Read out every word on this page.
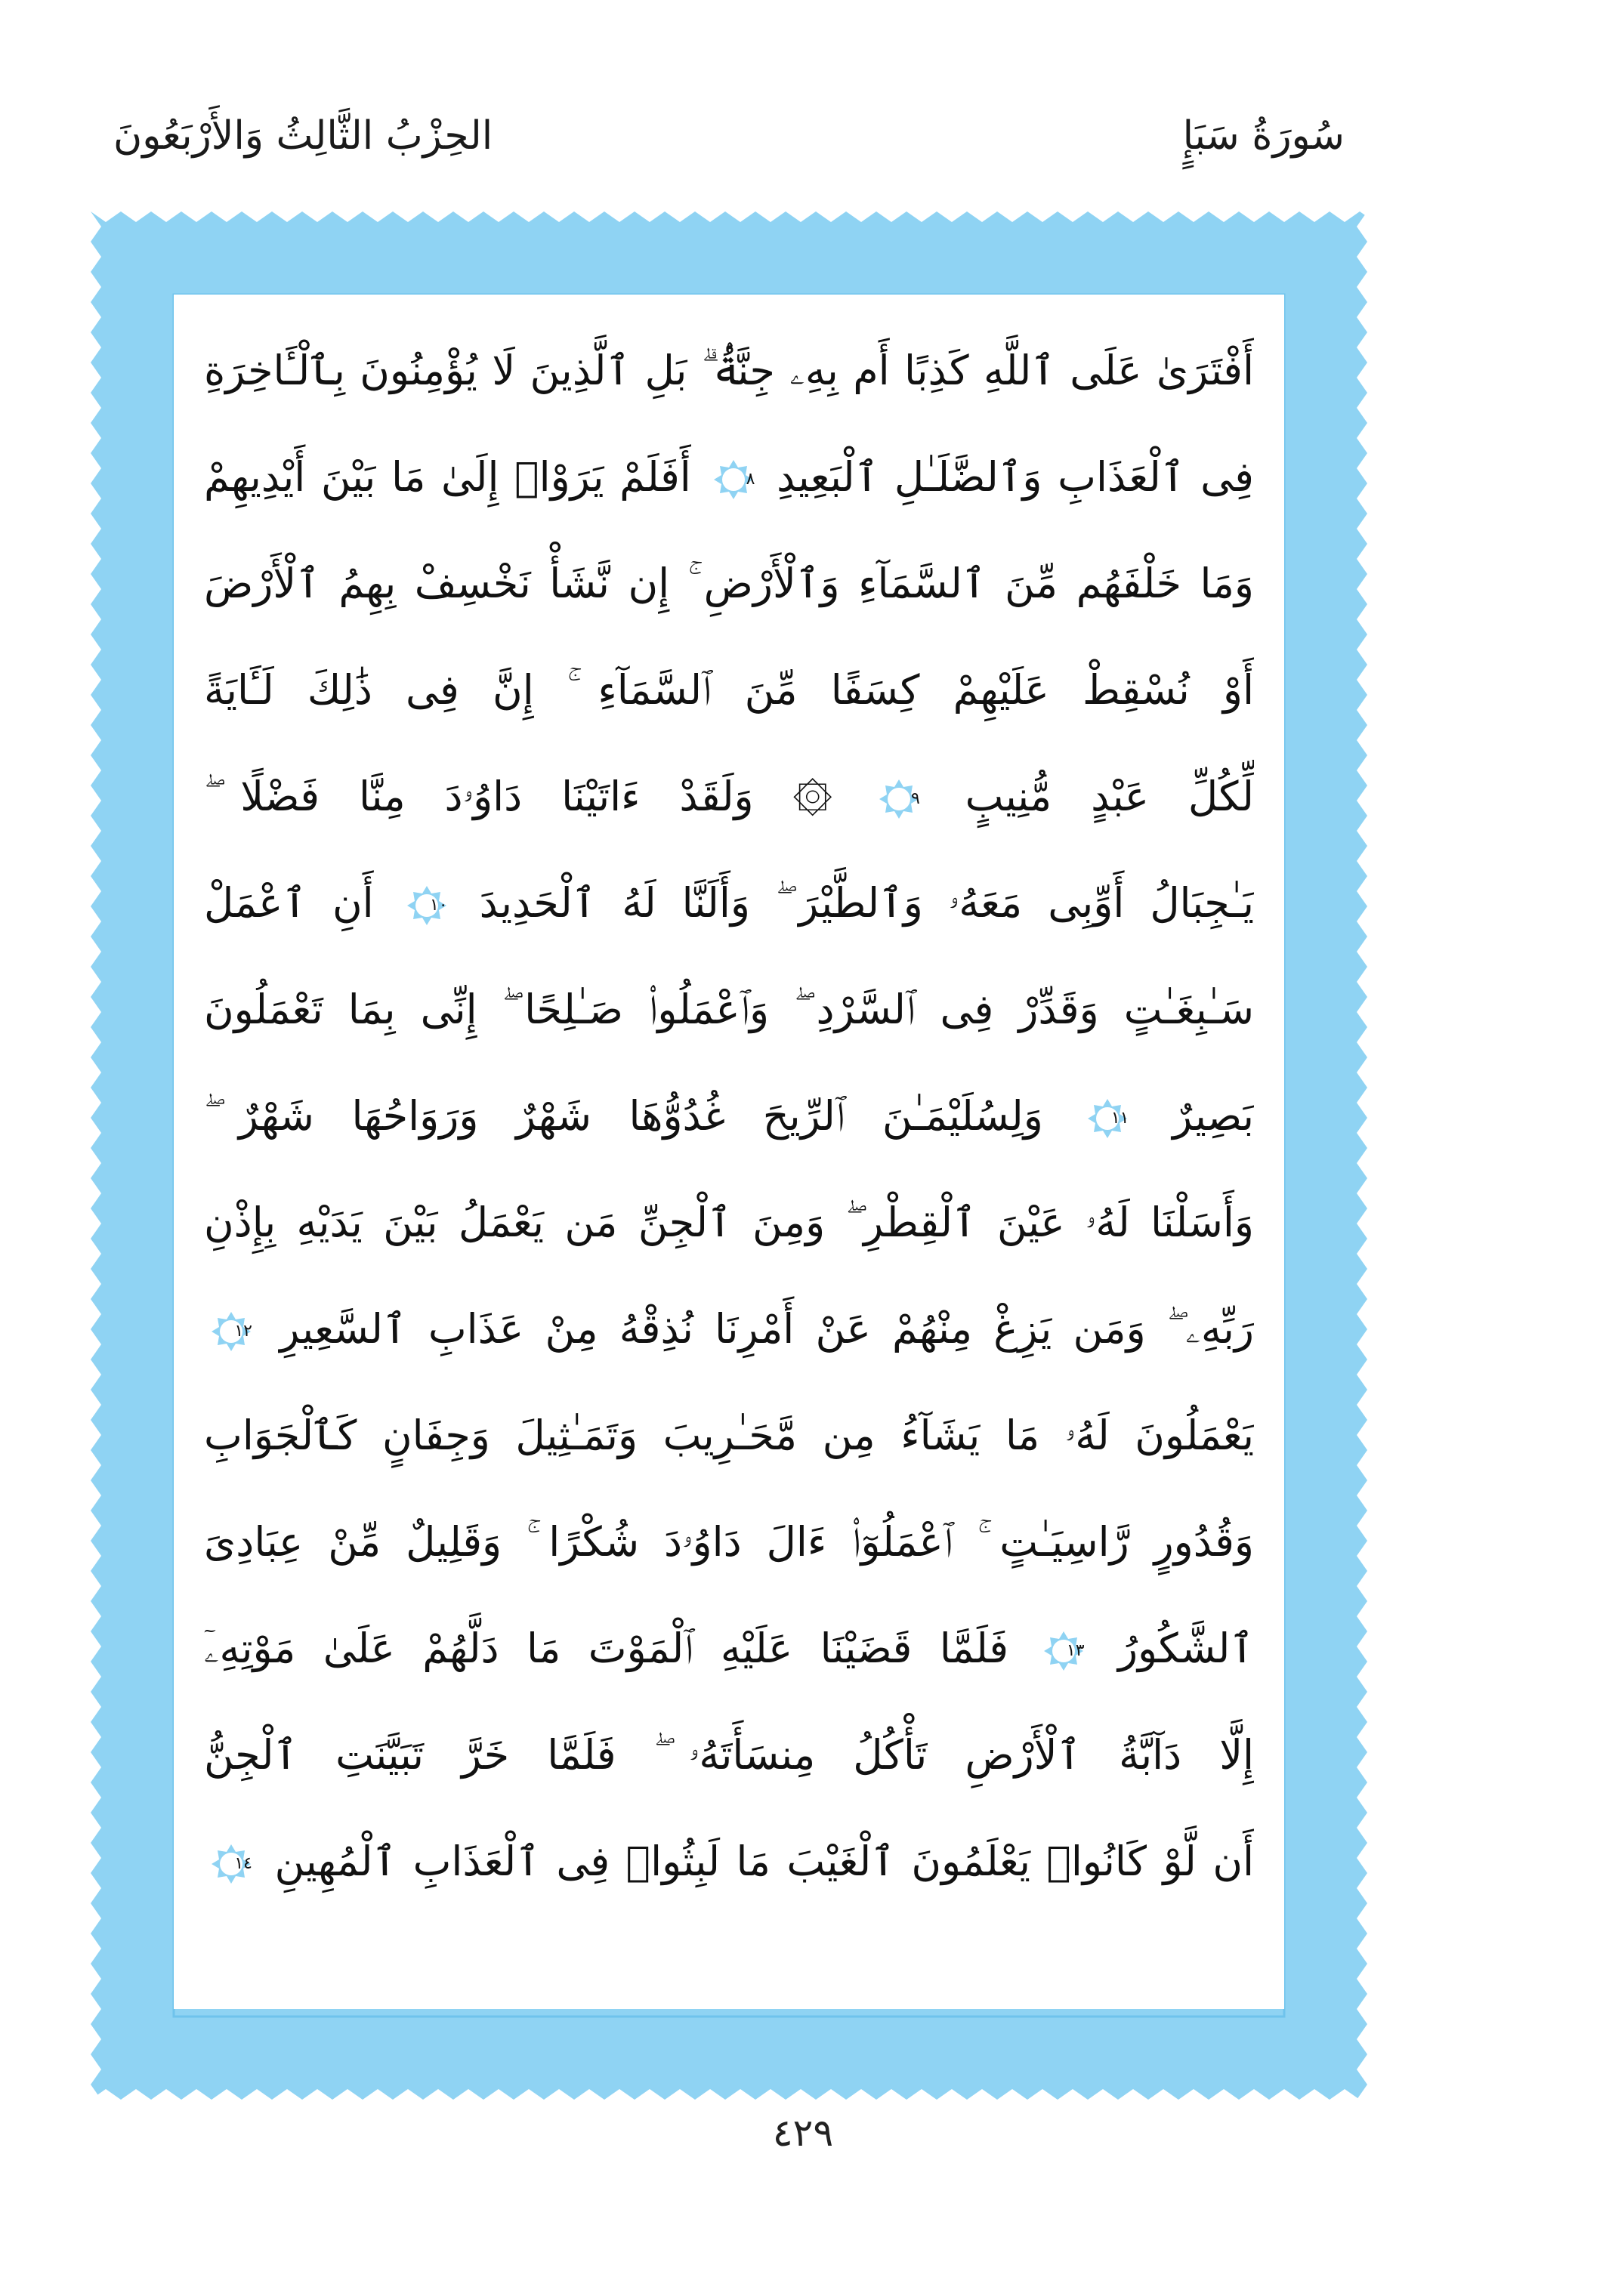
سُورَةُ سَبَإٍ
الحِزْبُ الثَّالِثُ وَالأَرْبَعُونَ
أَفْتَرَىٰ عَلَى ٱللَّهِ كَذِبًا أَم بِهِۦ جِنَّةُۢ ۗ بَلِ ٱلَّذِينَ لَا يُؤْمِنُونَ بِٱلْـَٔاخِرَةِ
فِى ٱلْعَذَابِ وَٱلضَّلَـٰلِ ٱلْبَعِيدِ
٨
أَفَلَمْ يَرَوْا۟ إِلَىٰ مَا بَيْنَ أَيْدِيهِمْ
وَمَا خَلْفَهُم مِّنَ ٱلسَّمَآءِ وَٱلْأَرْضِ ۚ إِن نَّشَأْ نَخْسِفْ بِهِمُ ٱلْأَرْضَ
أَوْ نُسْقِطْ عَلَيْهِمْ كِسَفًا مِّنَ ٱلسَّمَآءِ ۚ إِنَّ فِى ذَٰلِكَ لَـَٔايَةً
لِّكُلِّ عَبْدٍ مُّنِيبٍ
٩
۞ وَلَقَدْ ءَاتَيْنَا دَاوُۥدَ مِنَّا فَضْلًا ۖ
يَـٰجِبَالُ أَوِّبِى مَعَهُۥ وَٱلطَّيْرَ ۖ وَأَلَنَّا لَهُ ٱلْحَدِيدَ
١٠
أَنِ ٱعْمَلْ
سَـٰبِغَـٰتٍ وَقَدِّرْ فِى ٱلسَّرْدِ ۖ وَٱعْمَلُوا۟ صَـٰلِحًا ۖ إِنِّى بِمَا تَعْمَلُونَ
بَصِيرٌ
١١
وَلِسُلَيْمَـٰنَ ٱلرِّيحَ غُدُوُّهَا شَهْرٌ وَرَوَاحُهَا شَهْرٌ ۖ
وَأَسَلْنَا لَهُۥ عَيْنَ ٱلْقِطْرِ ۖ وَمِنَ ٱلْجِنِّ مَن يَعْمَلُ بَيْنَ يَدَيْهِ بِإِذْنِ
رَبِّهِۦ ۖ وَمَن يَزِغْ مِنْهُمْ عَنْ أَمْرِنَا نُذِقْهُ مِنْ عَذَابِ ٱلسَّعِيرِ
١٢
يَعْمَلُونَ لَهُۥ مَا يَشَآءُ مِن مَّحَـٰرِيبَ وَتَمَـٰثِيلَ وَجِفَانٍ كَٱلْجَوَابِ
وَقُدُورٍ رَّاسِيَـٰتٍ ۚ ٱعْمَلُوٓا۟ ءَالَ دَاوُۥدَ شُكْرًا ۚ وَقَلِيلٌ مِّنْ عِبَادِىَ
ٱلشَّكُورُ
١٣
فَلَمَّا قَضَيْنَا عَلَيْهِ ٱلْمَوْتَ مَا دَلَّهُمْ عَلَىٰ مَوْتِهِۦٓ
إِلَّا دَآبَّةُ ٱلْأَرْضِ تَأْكُلُ مِنسَأَتَهُۥ ۖ فَلَمَّا خَرَّ تَبَيَّنَتِ ٱلْجِنُّ
أَن لَّوْ كَانُوا۟ يَعْلَمُونَ ٱلْغَيْبَ مَا لَبِثُوا۟ فِى ٱلْعَذَابِ ٱلْمُهِينِ
١٤
٤٢٩
